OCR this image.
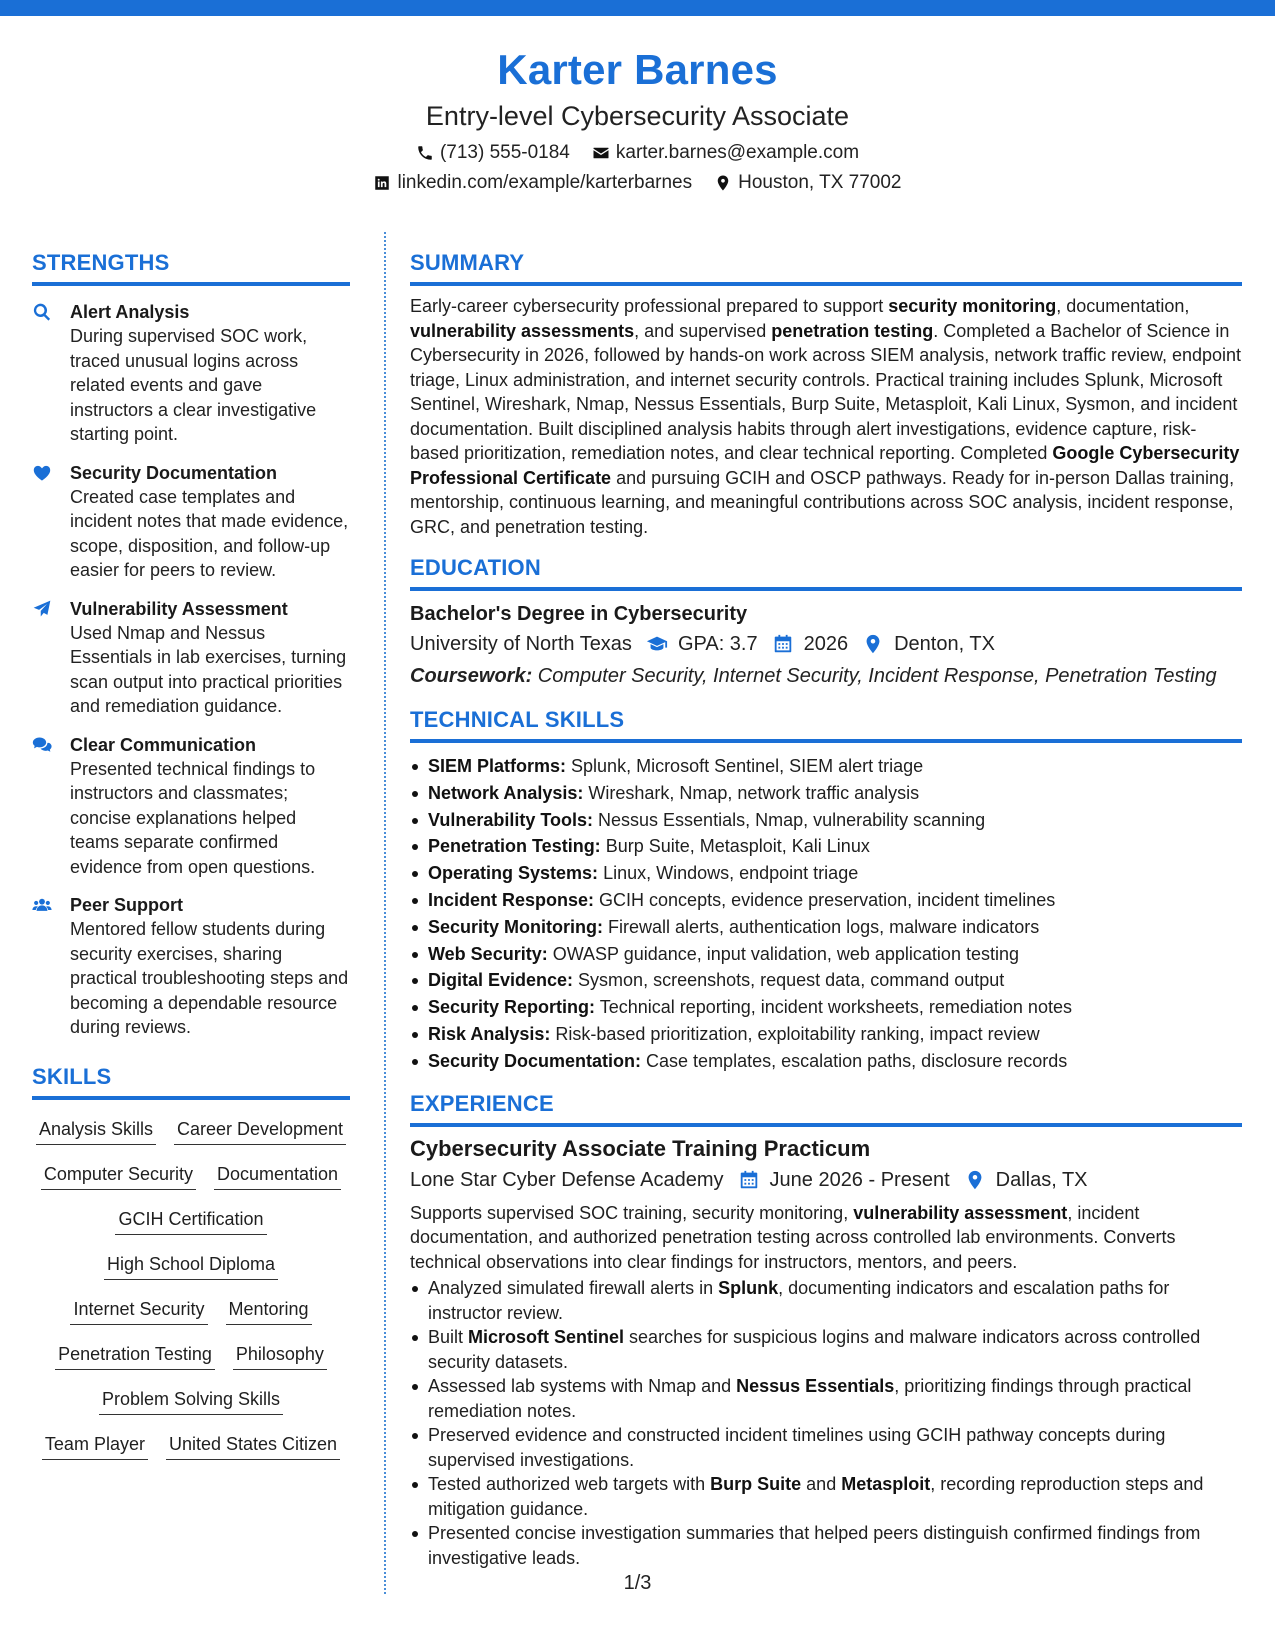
Karter Barnes
Entry-level Cybersecurity Associate
(713) 555-0184 karter.barnes@example.com
linkedin.com/example/karterbarnes Houston, TX 77002
STRENGTHS
Alert Analysis
During supervised SOC work, traced unusual logins across related events and gave instructors a clear investigative starting point.
Security Documentation
Created case templates and incident notes that made evidence, scope, disposition, and follow-up easier for peers to review.
Vulnerability Assessment
Used Nmap and Nessus Essentials in lab exercises, turning scan output into practical priorities and remediation guidance.
Clear Communication
Presented technical findings to instructors and classmates; concise explanations helped teams separate confirmed evidence from open questions.
Peer Support
Mentored fellow students during security exercises, sharing practical troubleshooting steps and becoming a dependable resource during reviews.
SKILLS
Analysis Skills Career Development
Computer Security Documentation
GCIH Certification
High School Diploma
Internet Security Mentoring
Penetration Testing Philosophy
Problem Solving Skills
Team Player United States Citizen
SUMMARY
Early-career cybersecurity professional prepared to support security monitoring, documentation, vulnerability assessments, and supervised penetration testing. Completed a Bachelor of Science in Cybersecurity in 2026, followed by hands-on work across SIEM analysis, network traffic review, endpoint triage, Linux administration, and internet security controls. Practical training includes Splunk, Microsoft Sentinel, Wireshark, Nmap, Nessus Essentials, Burp Suite, Metasploit, Kali Linux, Sysmon, and incident documentation. Built disciplined analysis habits through alert investigations, evidence capture, risk-based prioritization, remediation notes, and clear technical reporting. Completed Google Cybersecurity Professional Certificate and pursuing GCIH and OSCP pathways. Ready for in-person Dallas training, mentorship, continuous learning, and meaningful contributions across SOC analysis, incident response, GRC, and penetration testing.
EDUCATION
Bachelor's Degree in Cybersecurity
University of North Texas GPA: 3.7 2026 Denton, TX
Coursework: Computer Security, Internet Security, Incident Response, Penetration Testing
TECHNICAL SKILLS
SIEM Platforms: Splunk, Microsoft Sentinel, SIEM alert triage
Network Analysis: Wireshark, Nmap, network traffic analysis
Vulnerability Tools: Nessus Essentials, Nmap, vulnerability scanning
Penetration Testing: Burp Suite, Metasploit, Kali Linux
Operating Systems: Linux, Windows, endpoint triage
Incident Response: GCIH concepts, evidence preservation, incident timelines
Security Monitoring: Firewall alerts, authentication logs, malware indicators
Web Security: OWASP guidance, input validation, web application testing
Digital Evidence: Sysmon, screenshots, request data, command output
Security Reporting: Technical reporting, incident worksheets, remediation notes
Risk Analysis: Risk-based prioritization, exploitability ranking, impact review
Security Documentation: Case templates, escalation paths, disclosure records
EXPERIENCE
Cybersecurity Associate Training Practicum
Lone Star Cyber Defense Academy June 2026 - Present Dallas, TX
Supports supervised SOC training, security monitoring, vulnerability assessment, incident documentation, and authorized penetration testing across controlled lab environments. Converts technical observations into clear findings for instructors, mentors, and peers.
Analyzed simulated firewall alerts in Splunk, documenting indicators and escalation paths for instructor review.
Built Microsoft Sentinel searches for suspicious logins and malware indicators across controlled security datasets.
Assessed lab systems with Nmap and Nessus Essentials, prioritizing findings through practical remediation notes.
Preserved evidence and constructed incident timelines using GCIH pathway concepts during supervised investigations.
Tested authorized web targets with Burp Suite and Metasploit, recording reproduction steps and mitigation guidance.
Presented concise investigation summaries that helped peers distinguish confirmed findings from investigative leads.
1/3
